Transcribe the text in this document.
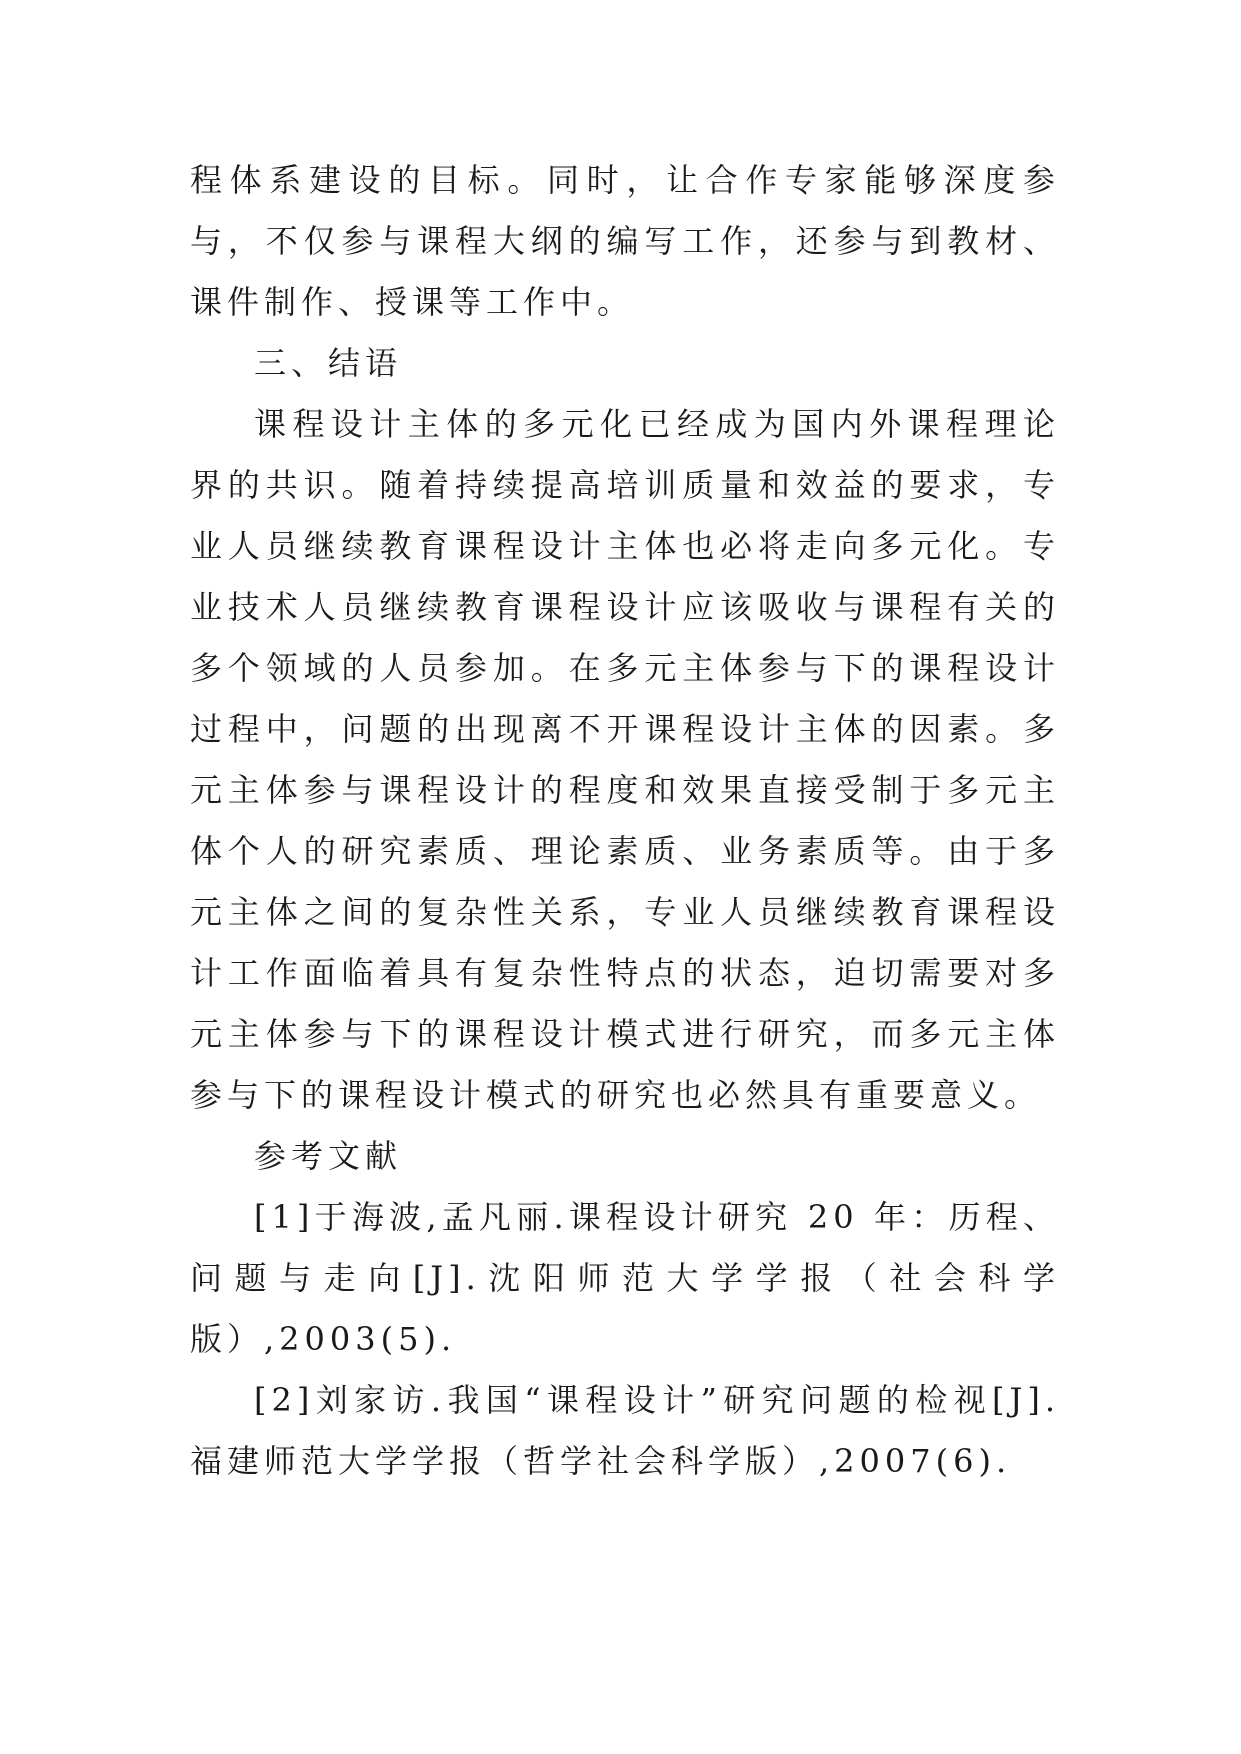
程体系建设的目标。同时，让合作专家能够深度参与，不仅参与课程大纲的编写工作，还参与到教材、课件制作、授课等工作中。

三、结语

课程设计主体的多元化已经成为国内外课程理论界的共识。随着持续提高培训质量和效益的要求，专业人员继续教育课程设计主体也必将走向多元化。专业技术人员继续教育课程设计应该吸收与课程有关的多个领域的人员参加。在多元主体参与下的课程设计过程中，问题的出现离不开课程设计主体的因素。多元主体参与课程设计的程度和效果直接受制于多元主体个人的研究素质、理论素质、业务素质等。由于多元主体之间的复杂性关系，专业人员继续教育课程设计工作面临着具有复杂性特点的状态，迫切需要对多元主体参与下的课程设计模式进行研究，而多元主体参与下的课程设计模式的研究也必然具有重要意义。

参考文献

[1]于海波,孟凡丽.课程设计研究 20 年：历程、问题与走向[J].沈阳师范大学学报（社会科学版）,2003(5).

[2]刘家访.我国“课程设计”研究问题的检视[J].福建师范大学学报（哲学社会科学版）,2007(6).
